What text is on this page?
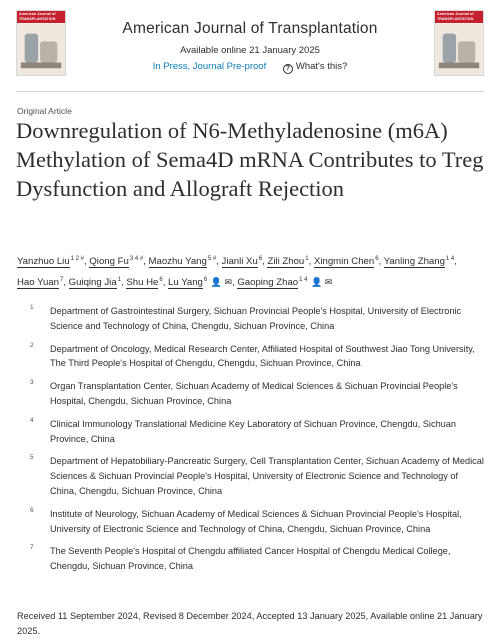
American Journal of TRANSPLANTATION
American Journal of Transplantation
Available online 21 January 2025
In Press, Journal Pre-proof	? What's this?
American Journal of TRANSPLANTATION
Original Article
Downregulation of N6-Methyladenosine (m6A) Methylation of Sema4D mRNA Contributes to Treg Dysfunction and Allograft Rejection
Yanzhuo Liu$^{1 2 \#}$, Qiong $Fu^{3 4 \#}$, Maozhu Yang$^{5 \#}$, Jianli Xu$^6$, Zili Zhou$^1$, Xingmin Chen$^6$, Yanling Zhang$^{1 4}$, Hao Yuan$^7$, Guiqing Jia$^1$, Shu He$^6$, Lu Yang$^6$ 👤 ✉, Gaoping Zhao$^{1 4}$ 👤 ✉
1 Department of Gastrointestinal Surgery, Sichuan Provincial People's Hospital, University of Electronic Science and Technology of China, Chengdu, Sichuan Province, China
2 Department of Oncology, Medical Research Center, Affiliated Hospital of Southwest Jiao Tong University, The Third People's Hospital of Chengdu, Chengdu, Sichuan Province, China
3 Organ Transplantation Center, Sichuan Academy of Medical Sciences & Sichuan Provincial People's Hospital, Chengdu, Sichuan Province, China
4 Clinical Immunology Translational Medicine Key Laboratory of Sichuan Province, Chengdu, Sichuan Province, China
5 Department of Hepatobiliary-Pancreatic Surgery, Cell Transplantation Center, Sichuan Academy of Medical Sciences & Sichuan Provincial People's Hospital, University of Electronic Science and Technology of China, Chengdu, Sichuan Province, China
6 Institute of Neurology, Sichuan Academy of Medical Sciences & Sichuan Provincial People's Hospital, University of Electronic Science and Technology of China, Chengdu, Sichuan Province, China
7 The Seventh People's Hospital of Chengdu affiliated Cancer Hospital of Chengdu Medical College, Chengdu, Sichuan Province, China
Received 11 September 2024, Revised 8 December 2024, Accepted 13 January 2025, Available online 21 January 2025.
